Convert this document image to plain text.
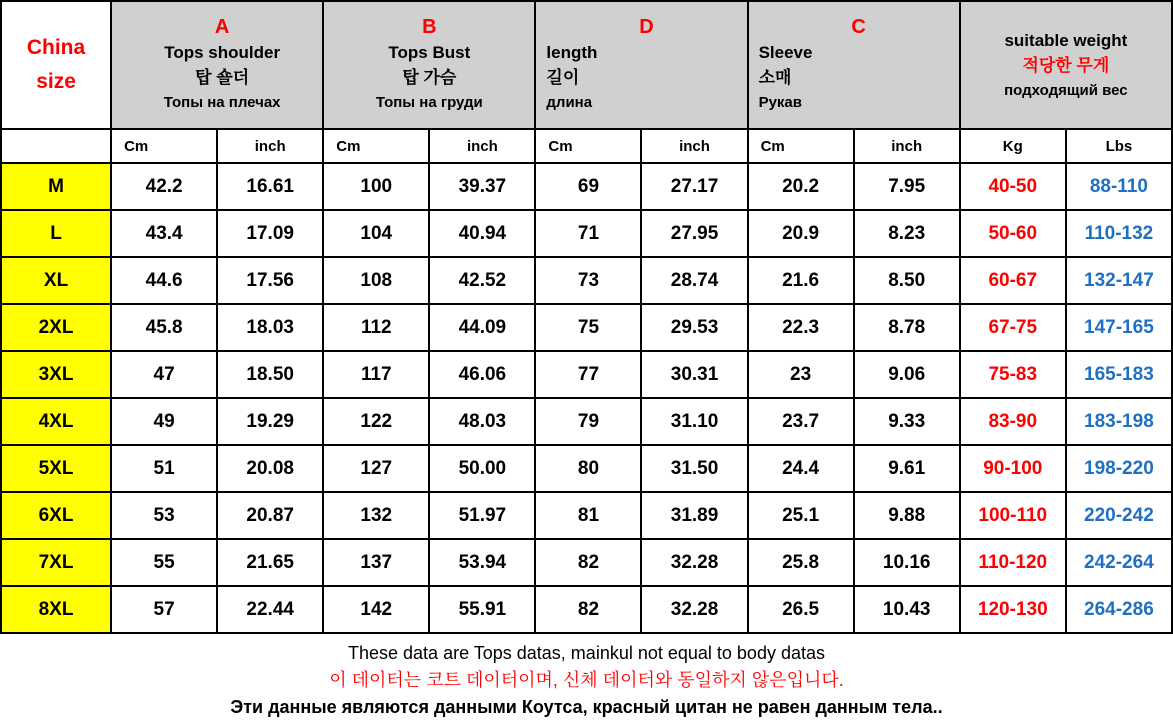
China
size

A
Tops shoulder
탑 숄더
Топы на плечах

B
Tops Bust
탑 가슴
Топы на груди

D
length
길이
длина

C
Sleeve
소매
Рукав

suitable weight
적당한 무게
подходящий вес

	Cm	inch	Cm	inch	Cm	inch	Cm	inch	Kg	Lbs
M	42.2	16.61	100	39.37	69	27.17	20.2	7.95	40-50	88-110
L	43.4	17.09	104	40.94	71	27.95	20.9	8.23	50-60	110-132
XL	44.6	17.56	108	42.52	73	28.74	21.6	8.50	60-67	132-147
2XL	45.8	18.03	112	44.09	75	29.53	22.3	8.78	67-75	147-165
3XL	47	18.50	117	46.06	77	30.31	23	9.06	75-83	165-183
4XL	49	19.29	122	48.03	79	31.10	23.7	9.33	83-90	183-198
5XL	51	20.08	127	50.00	80	31.50	24.4	9.61	90-100	198-220
6XL	53	20.87	132	51.97	81	31.89	25.1	9.88	100-110	220-242
7XL	55	21.65	137	53.94	82	32.28	25.8	10.16	110-120	242-264
8XL	57	22.44	142	55.91	82	32.28	26.5	10.43	120-130	264-286
These data are Tops datas, mainkul not equal to body datas
이 데이터는 코트 데이터이며, 신체 데이터와 동일하지 않은입니다.
Эти данные являются данными Коутса, красный цитан не равен данным тела..
